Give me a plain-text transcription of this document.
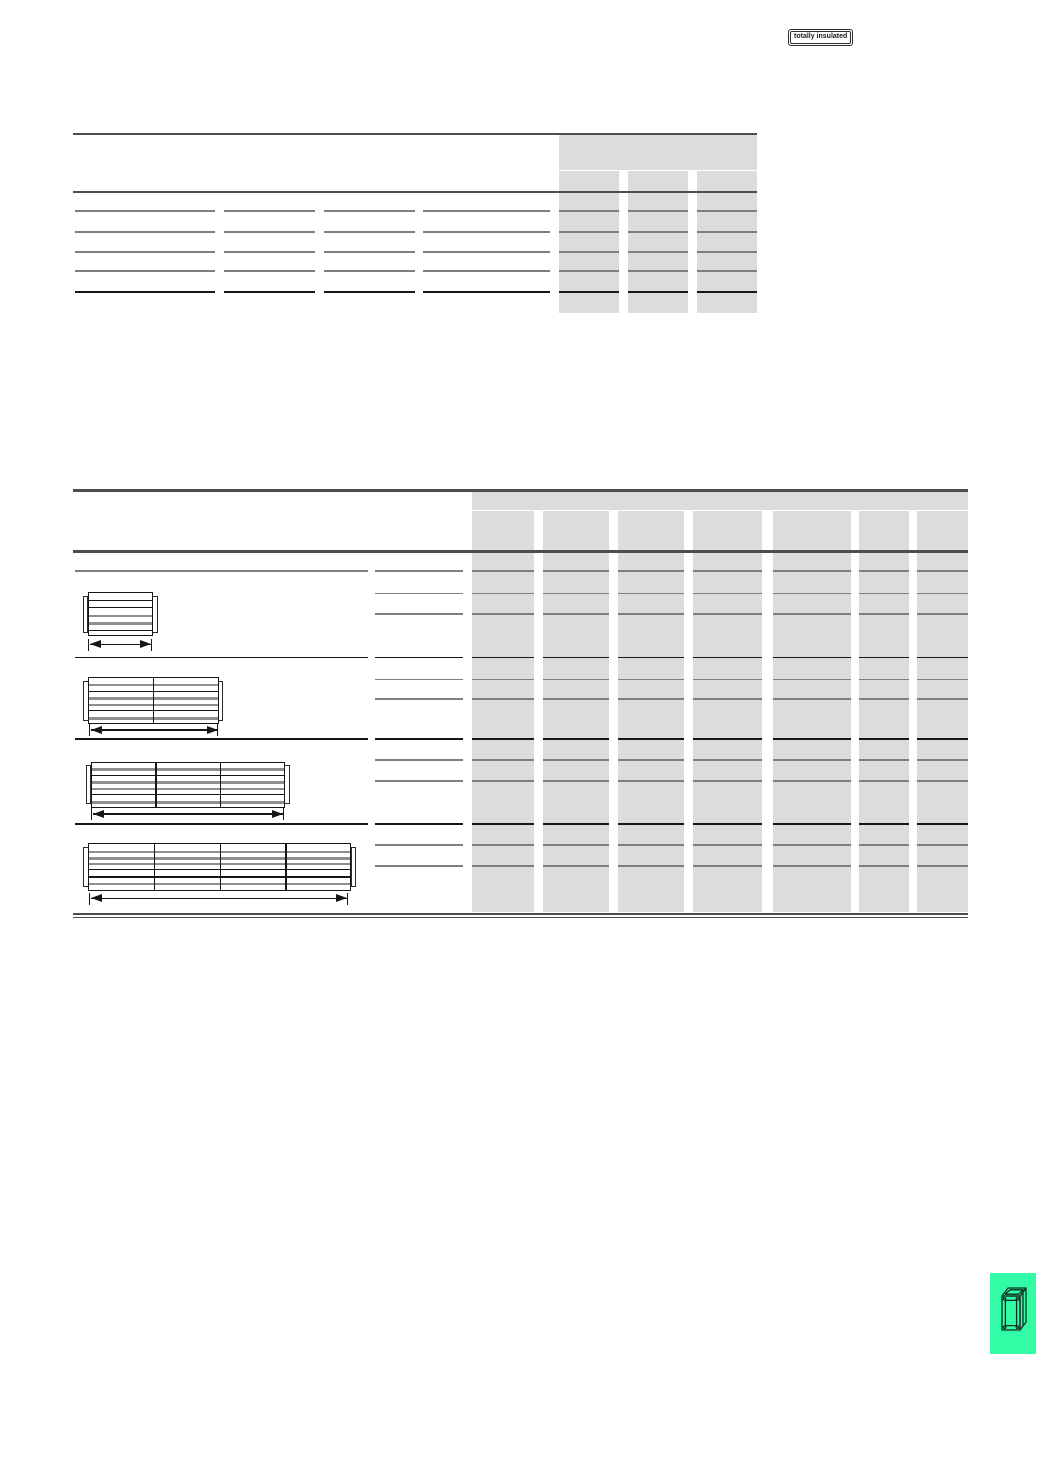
totally insulated
